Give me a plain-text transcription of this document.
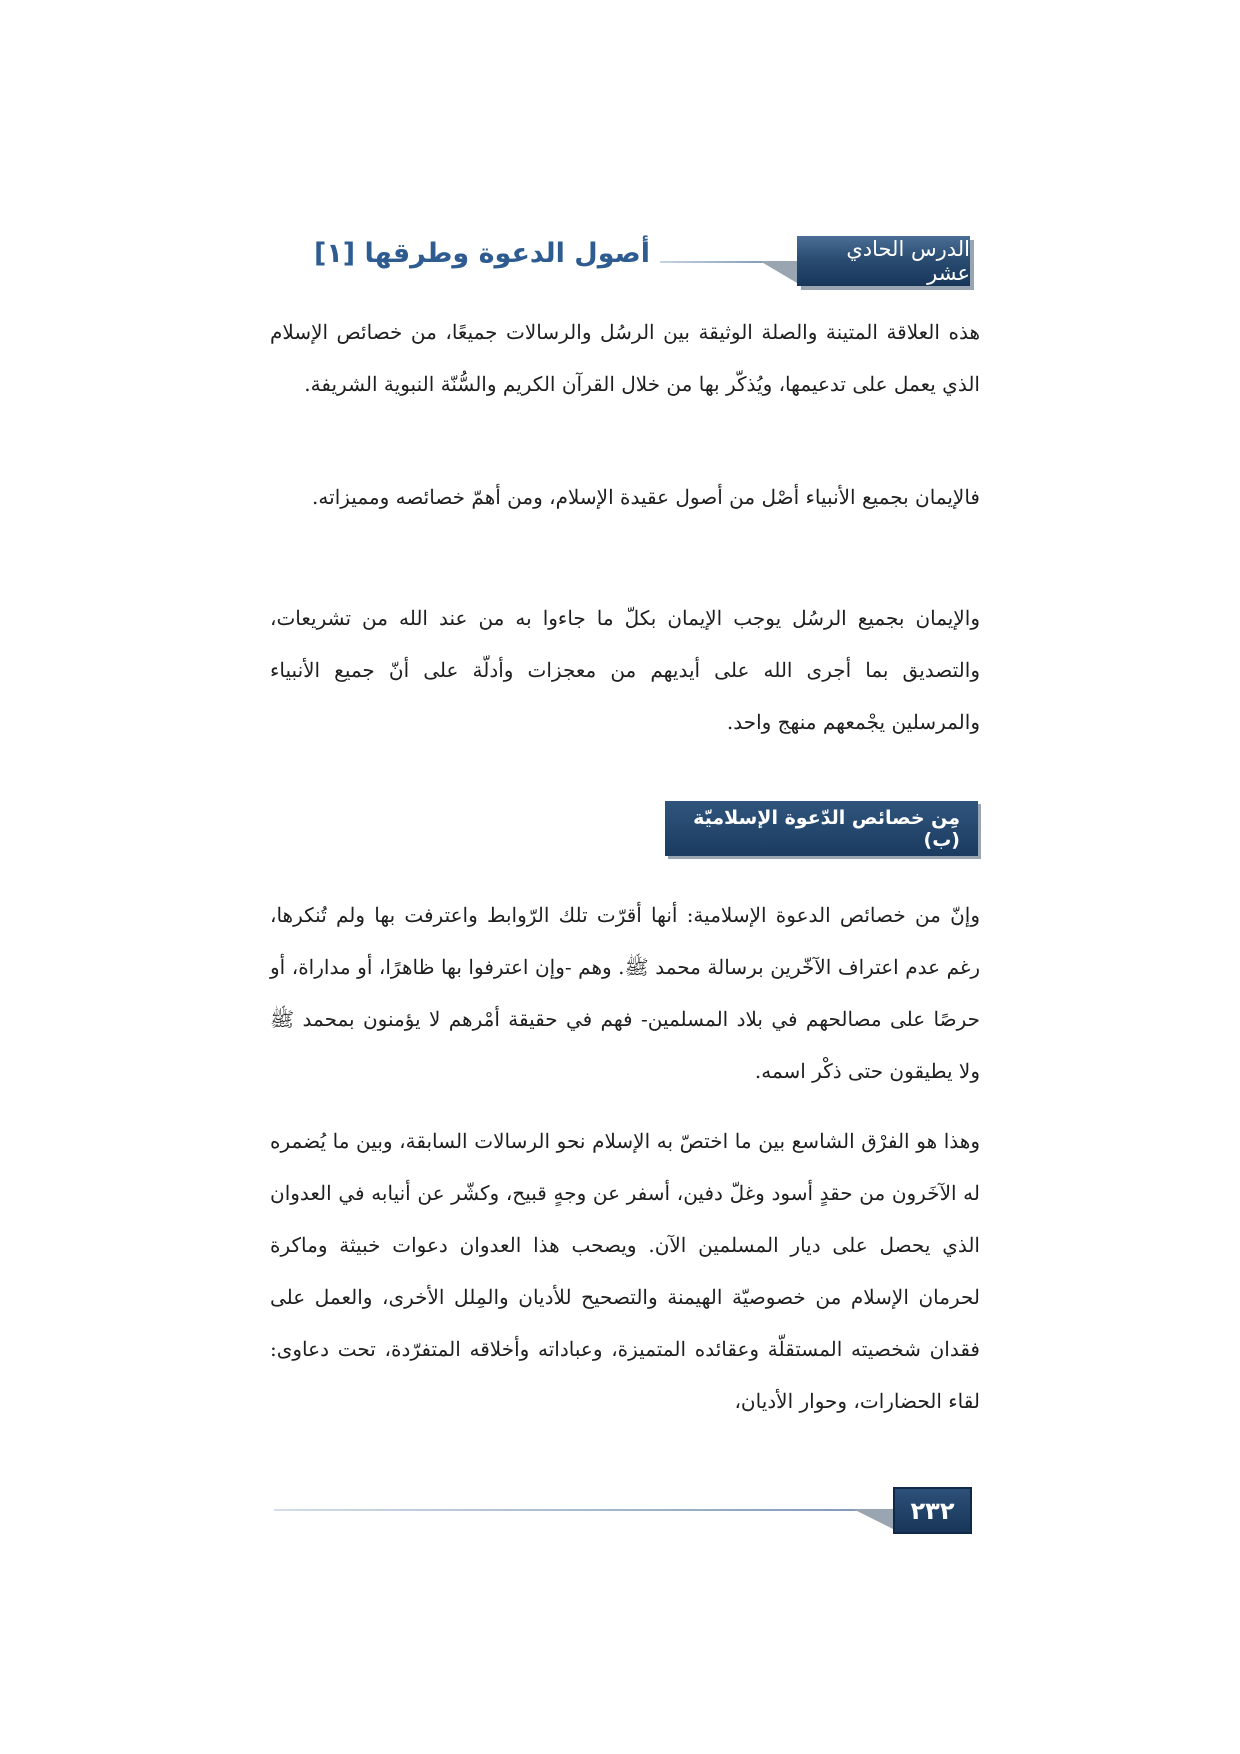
الدرس الحادي عشر
أصول الدعوة وطرقها [١]

هذه العلاقة المتينة والصلة الوثيقة بين الرسُل والرسالات جميعًا، من خصائص الإسلام الذي يعمل على تدعيمها، ويُذكّر بها من خلال القرآن الكريم والسُّنّة النبوية الشريفة.

فالإيمان بجميع الأنبياء أصْل من أصول عقيدة الإسلام، ومن أهمّ خصائصه ومميزاته.

والإيمان بجميع الرسُل يوجب الإيمان بكلّ ما جاءوا به من عند الله من تشريعات، والتصديق بما أجرى الله على أيديهم من معجزات وأدلّة على أنّ جميع الأنبياء والمرسلين يجْمعهم منهج واحد.

مِن خصائص الدّعوة الإسلاميّة (ب)

وإنّ من خصائص الدعوة الإسلامية: أنها أقرّت تلك الرّوابط واعترفت بها ولم تُنكرها، رغم عدم اعتراف الآخّرين برسالة محمد ﷺ. وهم -وإن اعترفوا بها ظاهرًا، أو مداراة، أو حرصًا على مصالحهم في بلاد المسلمين- فهم في حقيقة أمْرهم لا يؤمنون بمحمد ﷺ ولا يطيقون حتى ذكْر اسمه.

وهذا هو الفرْق الشاسع بين ما اختصّ به الإسلام نحو الرسالات السابقة، وبين ما يُضمره له الآخَرون من حقدٍ أسود وغلّ دفين، أسفر عن وجهٍ قبيح، وكشّر عن أنيابه في العدوان الذي يحصل على ديار المسلمين الآن. ويصحب هذا العدوان دعوات خبيثة وماكرة لحرمان الإسلام من خصوصيّة الهيمنة والتصحيح للأديان والمِلل الأخرى، والعمل على فقدان شخصيته المستقلّة وعقائده المتميزة، وعباداته وأخلاقه المتفرّدة، تحت دعاوى: لقاء الحضارات، وحوار الأديان،

٢٣٢
